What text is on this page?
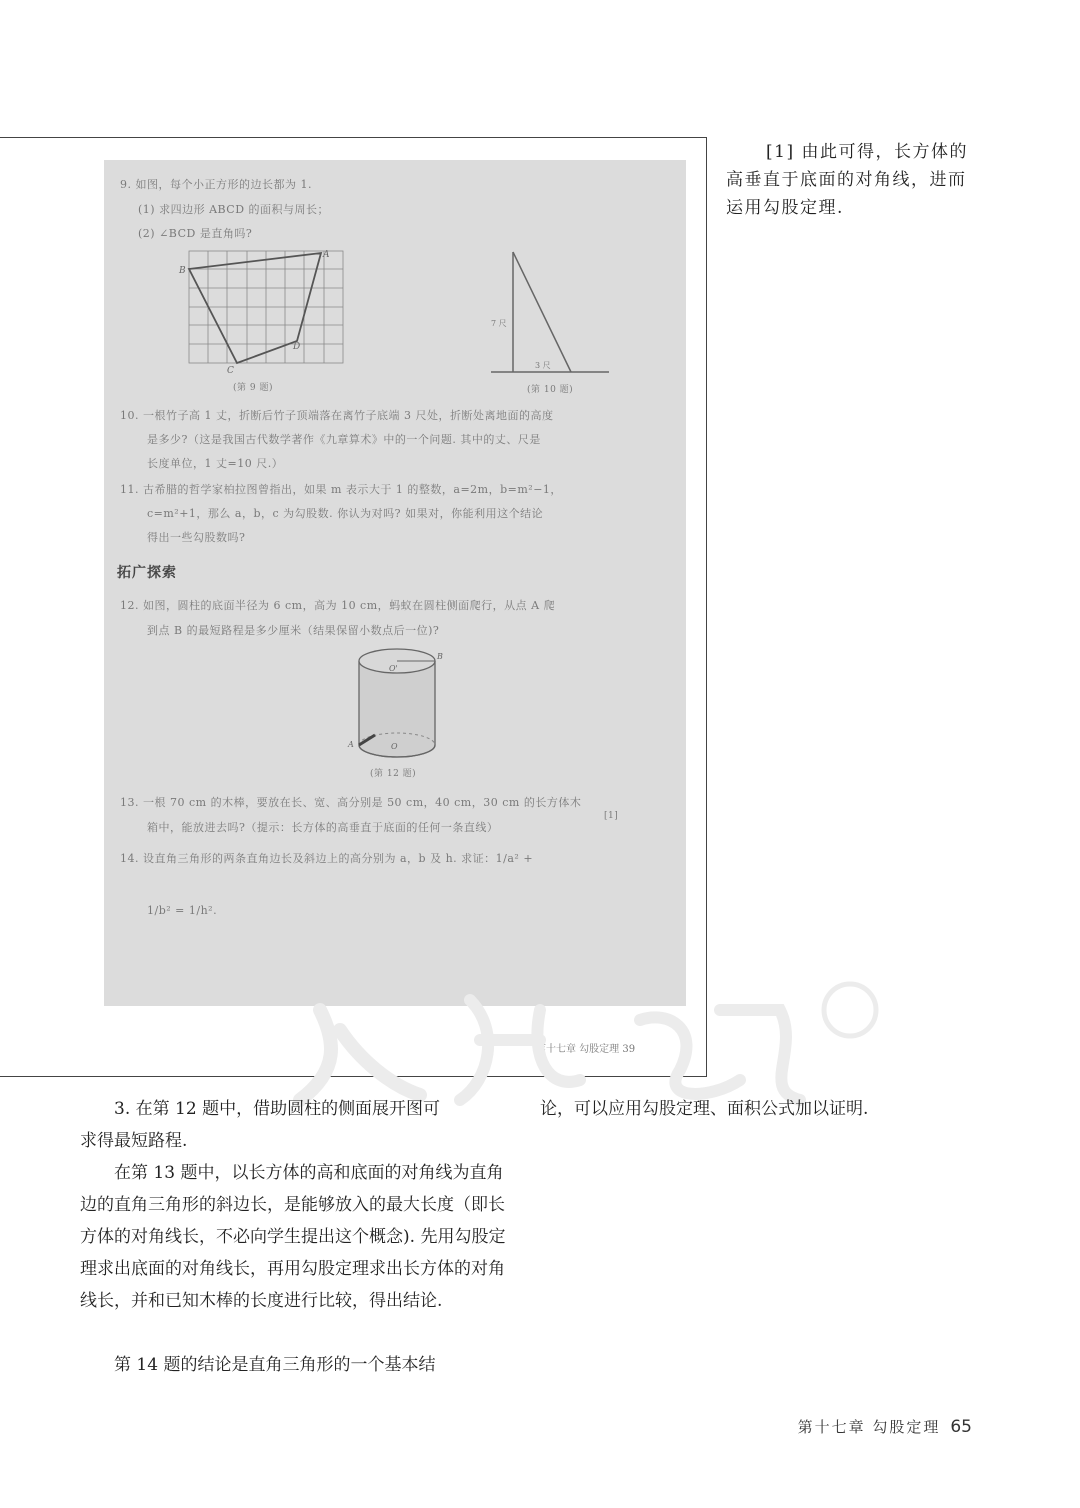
9. 如图，每个小正方形的边长都为 1.
(1) 求四边形 ABCD 的面积与周长；
(2) ∠BCD 是直角吗?
B
A
D
C
(第 9 题)
7 尺
3 尺
(第 10 题)
10. 一根竹子高 1 丈，折断后竹子顶端落在离竹子底端 3 尺处，折断处离地面的高度
是多少?（这是我国古代数学著作《九章算术》中的一个问题. 其中的丈、尺是
长度单位，1 丈=10 尺.）
11. 古希腊的哲学家柏拉图曾指出，如果 m 表示大于 1 的整数，a=2m，b=m²−1，
c=m²+1，那么 a，b，c 为勾股数. 你认为对吗? 如果对，你能利用这个结论
得出一些勾股数吗?
拓广探索
12. 如图，圆柱的底面半径为 6 cm，高为 10 cm，蚂蚁在圆柱侧面爬行，从点 A 爬
到点 B 的最短路程是多少厘米（结果保留小数点后一位)?
O'
B
A	O
(第 12 题)
13. 一根 70 cm 的木棒，要放在长、宽、高分别是 50 cm，40 cm，30 cm 的长方体木
箱中，能放进去吗?（提示：长方体的高垂直于底面的任何一条直线）
[1]
14. 设直角三角形的两条直角边长及斜边上的高分别为 a，b 及 h. 求证：1/a² +
1/b² = 1/h².
第十七章 勾股定理 39
[1] 由此可得，长方体的高垂直于底面的对角线，进而运用勾股定理.
论，可以应用勾股定理、面积公式加以证明.
3. 在第 12 题中，借助圆柱的侧面展开图可
求得最短路程.
在第 13 题中，以长方体的高和底面的对角线为直角边的直角三角形的斜边长，是能够放入的最大长度（即长方体的对角线长，不必向学生提出这个概念). 先用勾股定理求出底面的对角线长，再用勾股定理求出长方体的对角线长，并和已知木棒的长度进行比较，得出结论.
第 14 题的结论是直角三角形的一个基本结
第十七章 勾股定理 65
